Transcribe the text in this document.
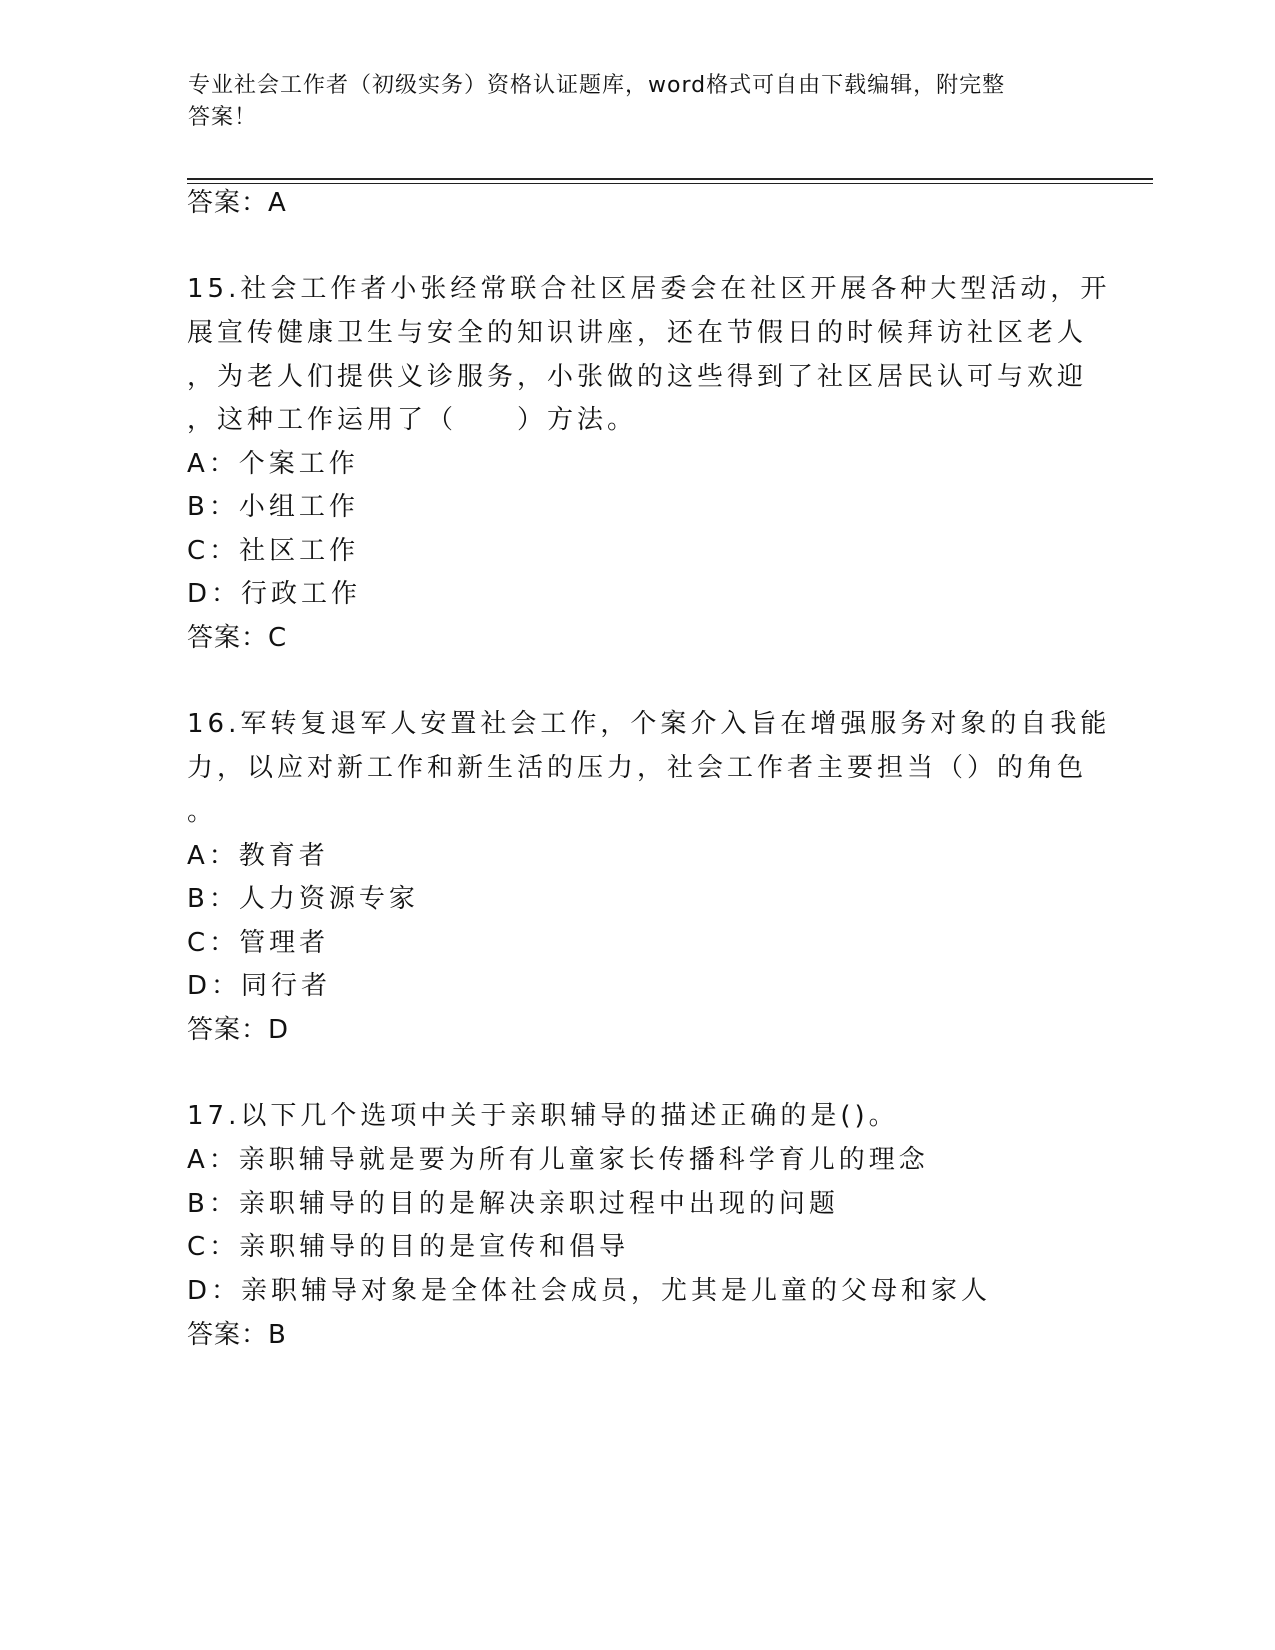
专业社会工作者（初级实务）资格认证题库，word格式可自由下载编辑，附完整
答案！
答案：A
15.社会工作者小张经常联合社区居委会在社区开展各种大型活动，开
展宣传健康卫生与安全的知识讲座，还在节假日的时候拜访社区老人
，为老人们提供义诊服务，小张做的这些得到了社区居民认可与欢迎
，这种工作运用了（　　）方法。
A：个案工作
B：小组工作
C：社区工作
D：行政工作
答案：C
16.军转复退军人安置社会工作，个案介入旨在增强服务对象的自我能
力，以应对新工作和新生活的压力，社会工作者主要担当（）的角色
。
A：教育者
B：人力资源专家
C：管理者
D：同行者
答案：D
17.以下几个选项中关于亲职辅导的描述正确的是()。
A：亲职辅导就是要为所有儿童家长传播科学育儿的理念
B：亲职辅导的目的是解决亲职过程中出现的问题
C：亲职辅导的目的是宣传和倡导
D：亲职辅导对象是全体社会成员，尤其是儿童的父母和家人
答案：B
